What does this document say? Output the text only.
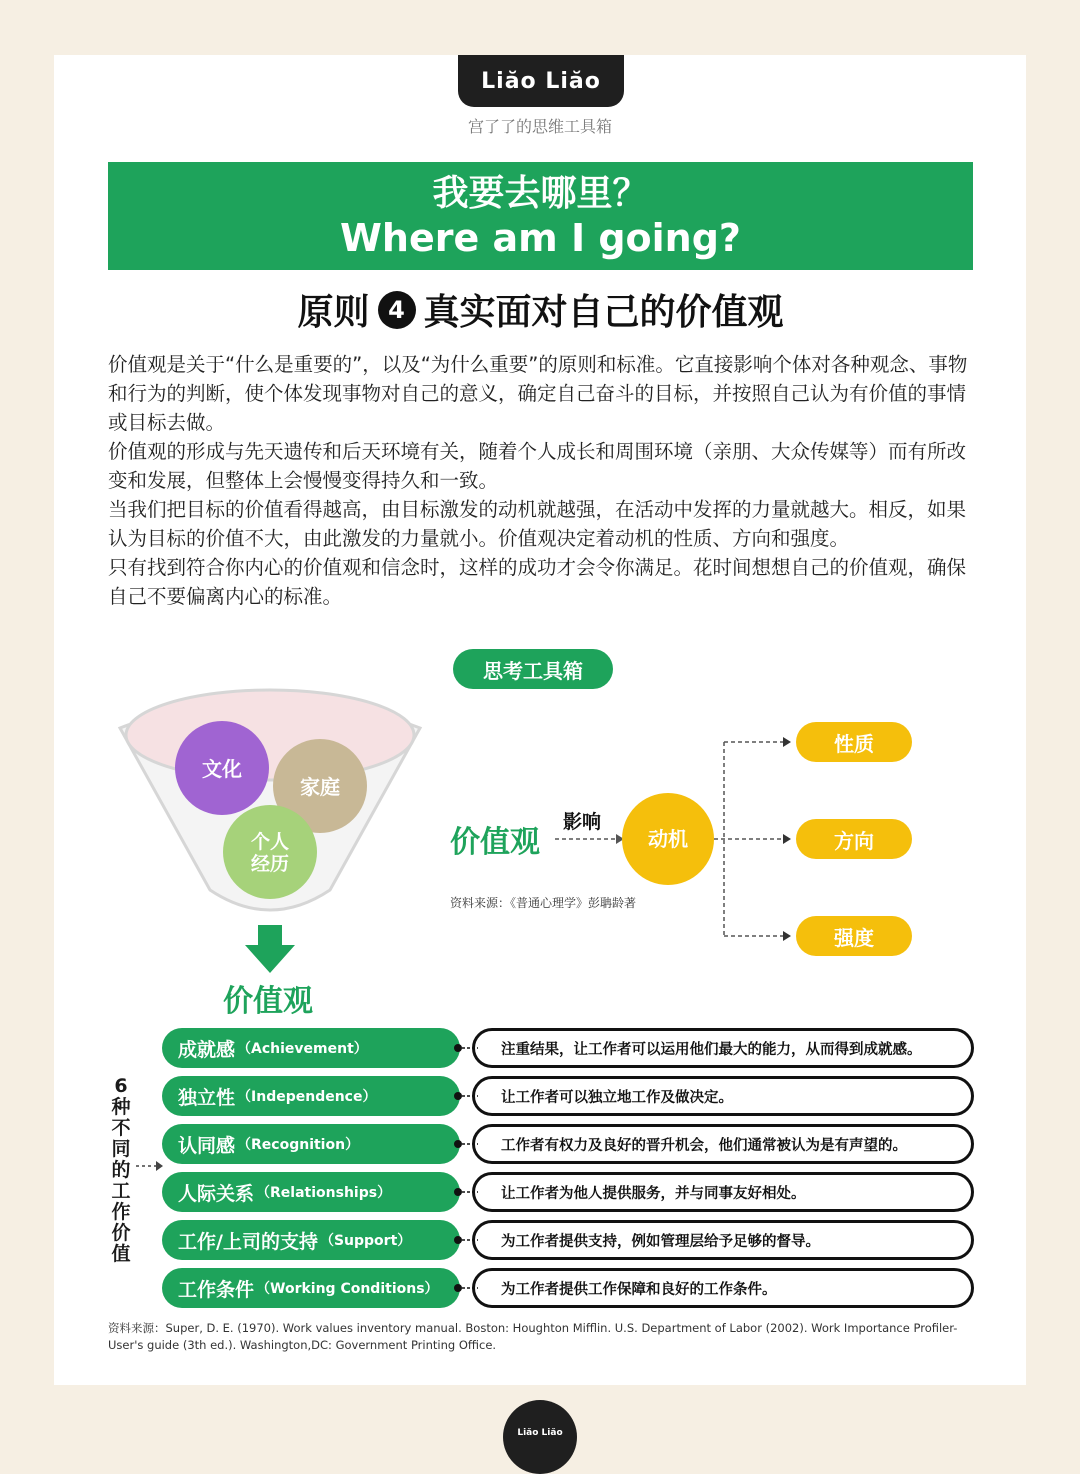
Liăo Liăo
宫了了的思维工具箱
我要去哪里？
Where am I going?
原则 4 真实面对自己的价值观

价值观是关于“什么是重要的”，以及“为什么重要”的原则和标准。它直接影响个体对各种观念、事物和行为的判断，使个体发现事物对自己的意义，确定自己奋斗的目标，并按照自己认为有价值的事情或目标去做。

价值观的形成与先天遗传和后天环境有关，随着个人成长和周围环境（亲朋、大众传媒等）而有所改变和发展，但整体上会慢慢变得持久和一致。

当我们把目标的价值看得越高，由目标激发的动机就越强，在活动中发挥的力量就越大。相反，如果认为目标的价值不大，由此激发的力量就小。价值观决定着动机的性质、方向和强度。

只有找到符合你内心的价值观和信念时，这样的成功才会令你满足。花时间想想自己的价值观，确保自己不要偏离内心的标准。

思考工具箱
文化
家庭
个人
经历
价值观
价值观
影响
动机
性质
方向
强度
资料来源：《普通心理学》彭聃龄著
6
种
不
同
的
工
作
价
值
成就感 （Achievement）	注重结果，让工作者可以运用他们最大的能力，从而得到成就感。
独立性 （Independence）	让工作者可以独立地工作及做决定。
认同感 （Recognition）	工作者有权力及良好的晋升机会，他们通常被认为是有声望的。
人际关系 （Relationships）	让工作者为他人提供服务，并与同事友好相处。
工作/上司的支持 （Support）	为工作者提供支持，例如管理层给予足够的督导。
工作条件 （Working Conditions）	为工作者提供工作保障和良好的工作条件。
资料来源：Super, D. E. (1970). Work values inventory manual. Boston: Houghton Mifflin. U.S. Department of Labor (2002). Work Importance Profiler-User's guide (3th ed.). Washington,DC: Government Printing Office.
Liăo Liăo
